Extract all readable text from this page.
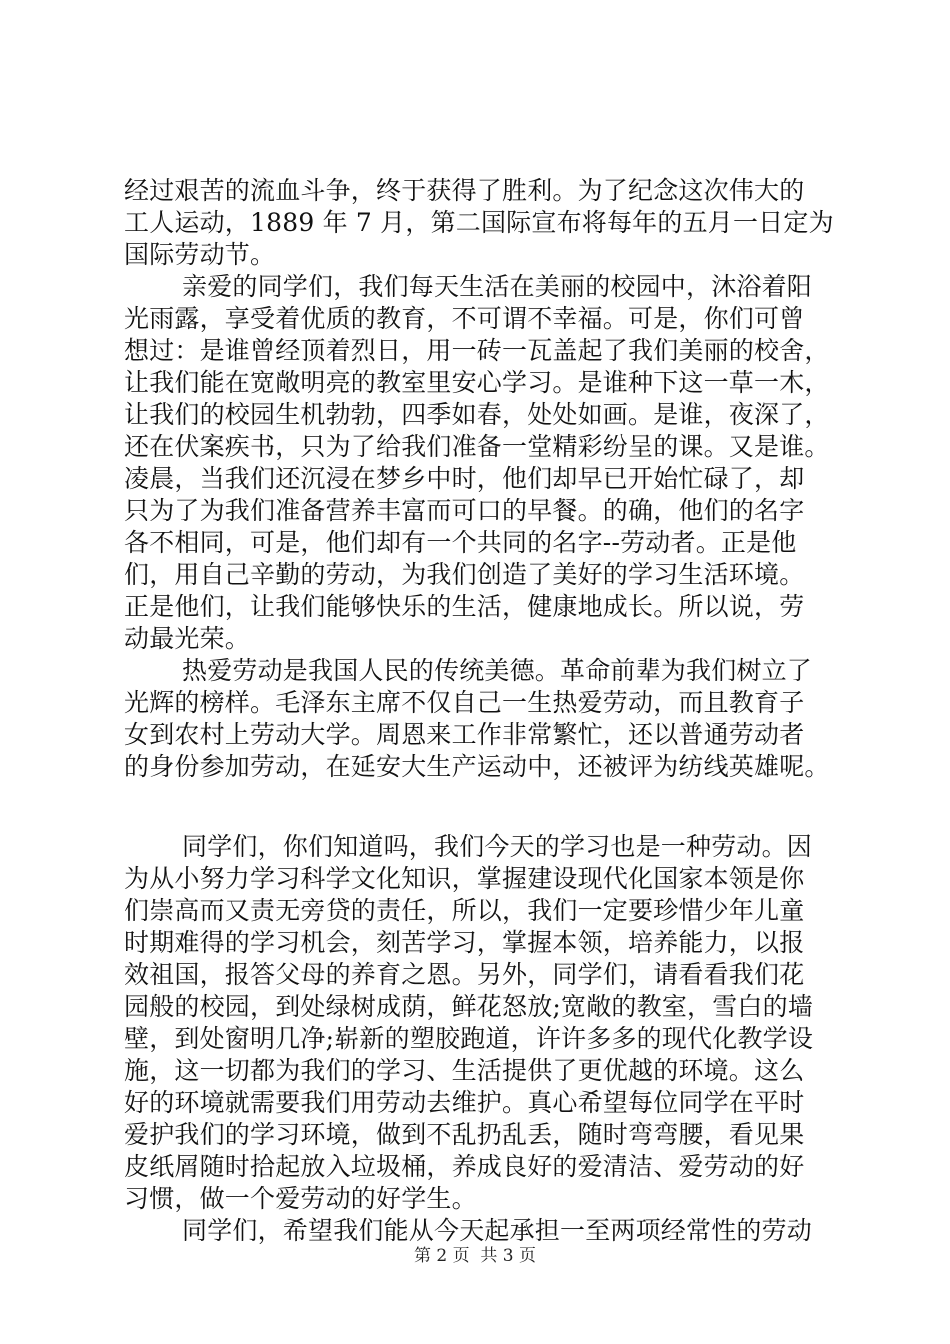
经过艰苦的流血斗争，终于获得了胜利。为了纪念这次伟大的
工人运动，1889 年 7 月，第二国际宣布将每年的五月一日定为
国际劳动节。
亲爱的同学们，我们每天生活在美丽的校园中，沐浴着阳
光雨露，享受着优质的教育，不可谓不幸福。可是，你们可曾
想过：是谁曾经顶着烈日，用一砖一瓦盖起了我们美丽的校舍，
让我们能在宽敞明亮的教室里安心学习。是谁种下这一草一木，
让我们的校园生机勃勃，四季如春，处处如画。是谁，夜深了，
还在伏案疾书，只为了给我们准备一堂精彩纷呈的课。又是谁。
凌晨，当我们还沉浸在梦乡中时，他们却早已开始忙碌了，却
只为了为我们准备营养丰富而可口的早餐。的确，他们的名字
各不相同，可是，他们却有一个共同的名字--劳动者。正是他
们，用自己辛勤的劳动，为我们创造了美好的学习生活环境。
正是他们，让我们能够快乐的生活，健康地成长。所以说，劳
动最光荣。
热爱劳动是我国人民的传统美德。革命前辈为我们树立了
光辉的榜样。毛泽东主席不仅自己一生热爱劳动，而且教育子
女到农村上劳动大学。周恩来工作非常繁忙，还以普通劳动者
的身份参加劳动，在延安大生产运动中，还被评为纺线英雄呢。
同学们，你们知道吗，我们今天的学习也是一种劳动。因
为从小努力学习科学文化知识，掌握建设现代化国家本领是你
们崇高而又责无旁贷的责任，所以，我们一定要珍惜少年儿童
时期难得的学习机会，刻苦学习，掌握本领，培养能力，以报
效祖国，报答父母的养育之恩。另外，同学们，请看看我们花
园般的校园，到处绿树成荫，鲜花怒放;宽敞的教室，雪白的墙
壁，到处窗明几净;崭新的塑胶跑道，许许多多的现代化教学设
施，这一切都为我们的学习、生活提供了更优越的环境。这么
好的环境就需要我们用劳动去维护。真心希望每位同学在平时
爱护我们的学习环境，做到不乱扔乱丢，随时弯弯腰，看见果
皮纸屑随时拾起放入垃圾桶，养成良好的爱清洁、爱劳动的好
习惯，做一个爱劳动的好学生。
同学们，希望我们能从今天起承担一至两项经常性的劳动
第 2 页  共 3 页
